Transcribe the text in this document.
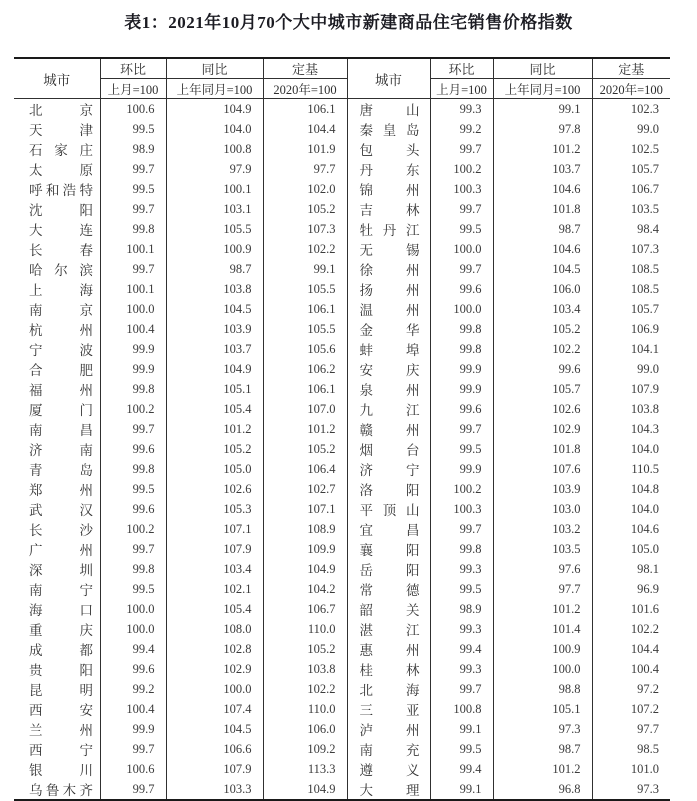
表1：2021年10月70个大中城市新建商品住宅销售价格指数
城市	环比	同比	定基	城市	环比	同比	定基
	上月=100	上年同月=100	2020年=100		上月=100	上年同月=100	2020年=100

北 京	100.6	104.9	106.1	唐 山	99.3	99.1	102.3

天 津	99.5	104.0	104.4	秦 皇 岛	99.2	97.8	99.0

石 家 庄	98.9	100.8	101.9	包 头	99.7	101.2	102.5

太 原	99.7	97.9	97.7	丹 东	100.2	103.7	105.7

呼 和 浩 特	99.5	100.1	102.0	锦 州	100.3	104.6	106.7

沈 阳	99.7	103.1	105.2	吉 林	99.7	101.8	103.5

大 连	99.8	105.5	107.3	牡 丹 江	99.5	98.7	98.4

长 春	100.1	100.9	102.2	无 锡	100.0	104.6	107.3

哈 尔 滨	99.7	98.7	99.1	徐 州	99.7	104.5	108.5

上 海	100.1	103.8	105.5	扬 州	99.6	106.0	108.5

南 京	100.0	104.5	106.1	温 州	100.0	103.4	105.7

杭 州	100.4	103.9	105.5	金 华	99.8	105.2	106.9

宁 波	99.9	103.7	105.6	蚌 埠	99.8	102.2	104.1

合 肥	99.9	104.9	106.2	安 庆	99.9	99.6	99.0

福 州	99.8	105.1	106.1	泉 州	99.9	105.7	107.9

厦 门	100.2	105.4	107.0	九 江	99.6	102.6	103.8

南 昌	99.7	101.2	101.2	赣 州	99.7	102.9	104.3

济 南	99.6	105.2	105.2	烟 台	99.5	101.8	104.0

青 岛	99.8	105.0	106.4	济 宁	99.9	107.6	110.5

郑 州	99.5	102.6	102.7	洛 阳	100.2	103.9	104.8

武 汉	99.6	105.3	107.1	平 顶 山	100.3	103.0	104.0

长 沙	100.2	107.1	108.9	宜 昌	99.7	103.2	104.6

广 州	99.7	107.9	109.9	襄 阳	99.8	103.5	105.0

深 圳	99.8	103.4	104.9	岳 阳	99.3	97.6	98.1

南 宁	99.5	102.1	104.2	常 德	99.5	97.7	96.9

海 口	100.0	105.4	106.7	韶 关	98.9	101.2	101.6

重 庆	100.0	108.0	110.0	湛 江	99.3	101.4	102.2

成 都	99.4	102.8	105.2	惠 州	99.4	100.9	104.4

贵 阳	99.6	102.9	103.8	桂 林	99.3	100.0	100.4

昆 明	99.2	100.0	102.2	北 海	99.7	98.8	97.2

西 安	100.4	107.4	110.0	三 亚	100.8	105.1	107.2

兰 州	99.9	104.5	106.0	泸 州	99.1	97.3	97.7

西 宁	99.7	106.6	109.2	南 充	99.5	98.7	98.5

银 川	100.6	107.9	113.3	遵 义	99.4	101.2	101.0

乌 鲁 木 齐	99.7	103.3	104.9	大 理	99.1	96.8	97.3
